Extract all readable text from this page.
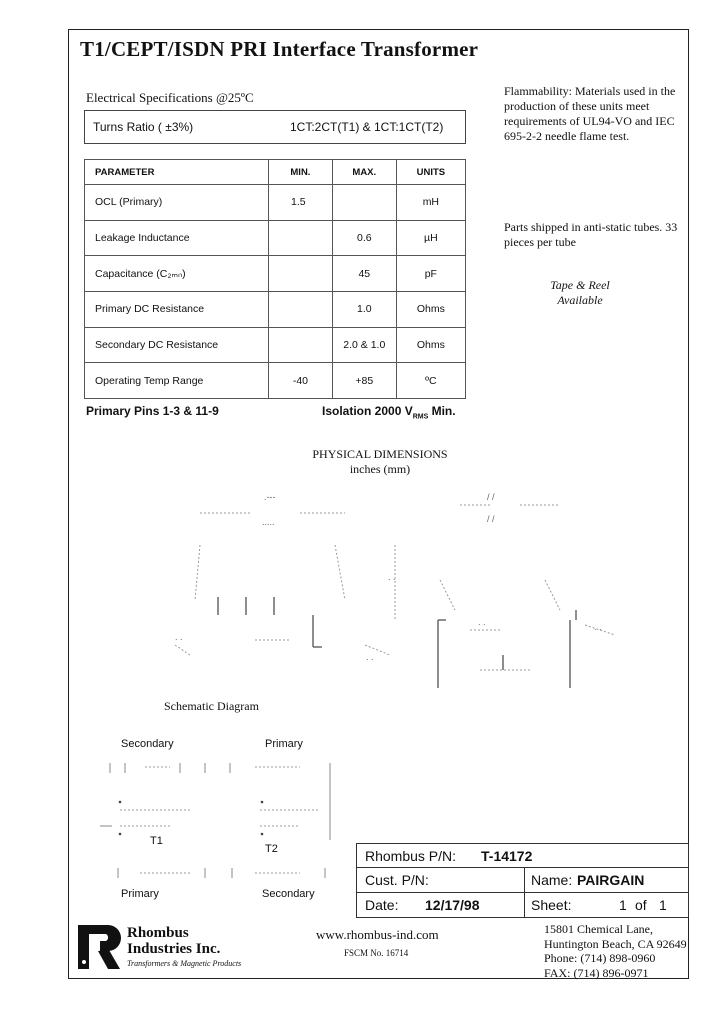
T1/CEPT/ISDN PRI Interface Transformer
Electrical Specifications @25ºC
Turns Ratio ( ±3%)	1CT:2CT(T1) & 1CT:1CT(T2)
PARAMETER	MIN.	MAX.	UNITS
OCL (Primary)	1.5		mH
Leakage Inductance		0.6	µH
Capacitance (C₂ₘₙ)		45	pF
Primary DC Resistance		1.0	Ohms
Secondary DC Resistance		2.0 & 1.0	Ohms
Operating Temp Range	-40	+85	ºC
Primary Pins 1-3 & 11-9	Isolation 2000 $V_{RMS}$ Min.
Flammability: Materials used in the production of these units meet requirements of UL94-VO and IEC 695-2-2 needle flame test.
Parts shipped in anti-static tubes. 33 pieces per tube
Tape & Reel
Available
PHYSICAL DIMENSIONS
inches (mm)
.---
.....
/ /
/ /
. .
. .
. .
. .	. .
Schematic Diagram
Secondary	Primary
T1
T2
Primary	Secondary
Rhombus P/N: T-14172
Cust. P/N:	Name: PAIRGAIN
Date: 12/17/98	Sheet:	1 of 1
Rhombus
Industries Inc.
Transformers & Magnetic Products
www.rhombus-ind.com
FSCM No. 16714
15801 Chemical Lane,
Huntington Beach, CA 92649
Phone: (714) 898-0960
FAX: (714) 896-0971
